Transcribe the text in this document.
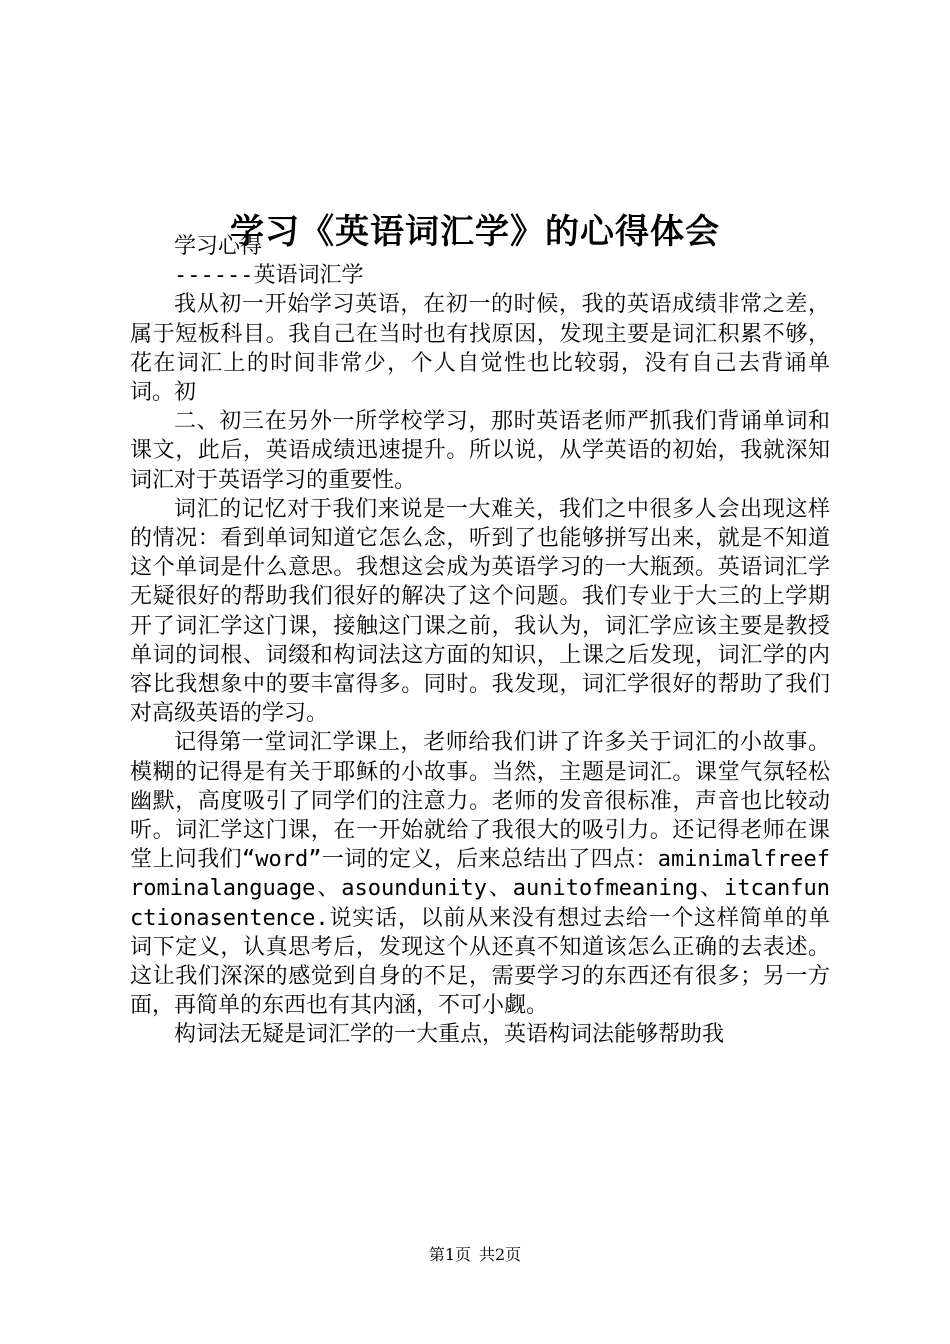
学习《英语词汇学》的心得体会

学习心得

------英语词汇学

我从初一开始学习英语，在初一的时候，我的英语成绩非常之差，属于短板科目。我自己在当时也有找原因，发现主要是词汇积累不够，花在词汇上的时间非常少，个人自觉性也比较弱，没有自己去背诵单词。初

二、初三在另外一所学校学习，那时英语老师严抓我们背诵单词和课文，此后，英语成绩迅速提升。所以说，从学英语的初始，我就深知词汇对于英语学习的重要性。

词汇的记忆对于我们来说是一大难关，我们之中很多人会出现这样的情况：看到单词知道它怎么念，听到了也能够拼写出来，就是不知道这个单词是什么意思。我想这会成为英语学习的一大瓶颈。英语词汇学无疑很好的帮助我们很好的解决了这个问题。我们专业于大三的上学期开了词汇学这门课，接触这门课之前，我认为，词汇学应该主要是教授单词的词根、词缀和构词法这方面的知识，上课之后发现，词汇学的内容比我想象中的要丰富得多。同时。我发现，词汇学很好的帮助了我们对高级英语的学习。

记得第一堂词汇学课上，老师给我们讲了许多关于词汇的小故事。模糊的记得是有关于耶稣的小故事。当然，主题是词汇。课堂气氛轻松幽默，高度吸引了同学们的注意力。老师的发音很标准，声音也比较动听。词汇学这门课，在一开始就给了我很大的吸引力。还记得老师在课堂上问我们“word”一词的定义，后来总结出了四点：aminimalfreefrominalanguage、asoundunity、aunitofmeaning、itcanfunctionasentence.说实话，以前从来没有想过去给一个这样简单的单词下定义，认真思考后，发现这个从还真不知道该怎么正确的去表述。这让我们深深的感觉到自身的不足，需要学习的东西还有很多；另一方面，再简单的东西也有其内涵，不可小觑。

构词法无疑是词汇学的一大重点，英语构词法能够帮助我

第1页 共2页
